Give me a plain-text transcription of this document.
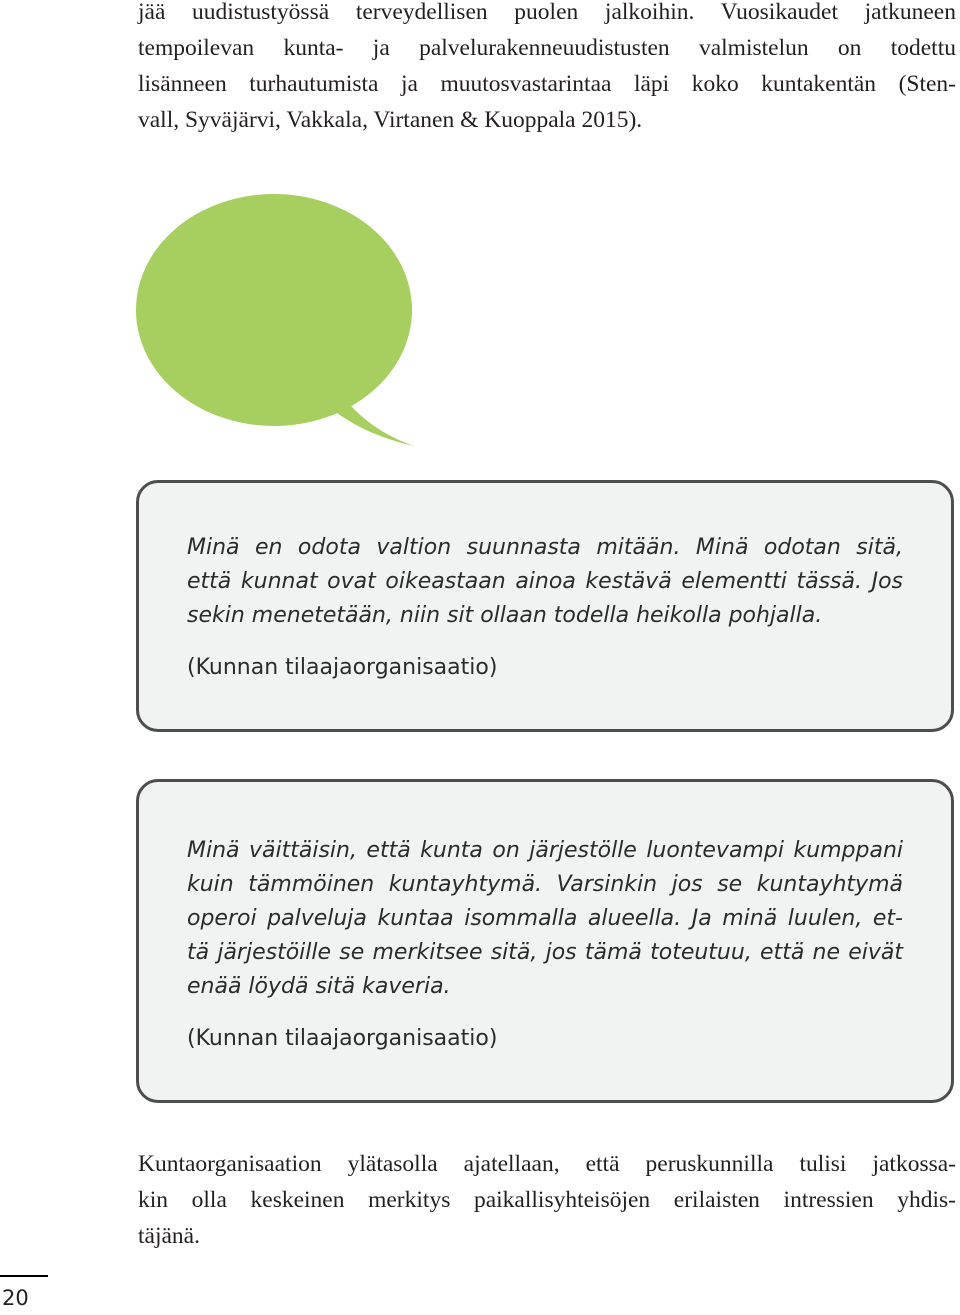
jää uudistustyössä terveydellisen puolen jalkoihin. Vuosikaudet jatkuneen
tempoilevan kunta- ja palvelurakenneuudistusten valmistelun on todettu
lisänneen turhautumista ja muutosvastarintaa läpi koko kuntakentän (Sten-
vall, Syväjärvi, Vakkala, Virtanen & Kuoppala 2015).
Minä en odota valtion suunnasta mitään. Minä odotan sitä,
että kunnat ovat oikeastaan ainoa kestävä elementti tässä. Jos
sekin menetetään, niin sit ollaan todella heikolla pohjalla.
(Kunnan tilaajaorganisaatio)
Minä väittäisin, että kunta on järjestölle luontevampi kumppani
kuin tämmöinen kuntayhtymä. Varsinkin jos se kuntayhtymä
operoi palveluja kuntaa isommalla alueella. Ja minä luulen, et-
tä järjestöille se merkitsee sitä, jos tämä toteutuu, että ne eivät
enää löydä sitä kaveria.
(Kunnan tilaajaorganisaatio)
Kuntaorganisaation ylätasolla ajatellaan, että peruskunnilla tulisi jatkossa-
kin olla keskeinen merkitys paikallisyhteisöjen erilaisten intressien yhdis-
täjänä.
20
